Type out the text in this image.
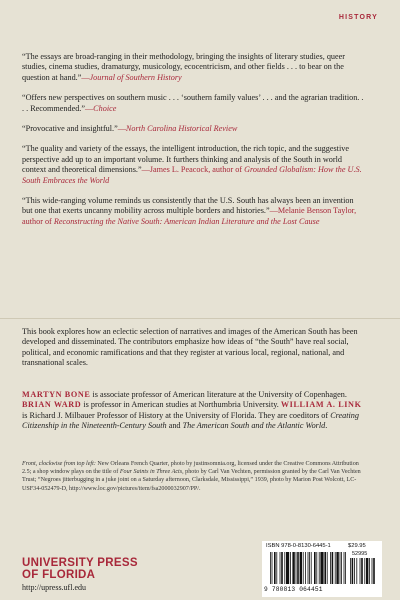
HISTORY

“The essays are broad-ranging in their methodology, bringing the insights of literary studies, queer studies, cinema studies, dramaturgy, musicology, ecocentricism, and other fields . . . to bear on the question at hand.”—Journal of Southern History

“Offers new perspectives on southern music . . . ‘southern family values’ . . . and the agrarian tradition. . . . Recommended.”—Choice

“Provocative and insightful.”—North Carolina Historical Review

“The quality and variety of the essays, the intelligent introduction, the rich topic, and the suggestive perspective add up to an important volume. It furthers thinking and analysis of the South in world context and theoretical dimensions.”—James L. Peacock, author of Grounded Globalism: How the U.S. South Embraces the World

“This wide-ranging volume reminds us consistently that the U.S. South has always been an invention but one that exerts uncanny mobility across multiple borders and histories.”—Melanie Benson Taylor, author of Reconstructing the Native South: American Indian Literature and the Lost Cause

This book explores how an eclectic selection of narratives and images of the American South has been developed and disseminated. The contributors emphasize how ideas of “the South” have real social, political, and economic ramifications and that they register at various local, regional, national, and transnational scales.

MARTYN BONE is associate professor of American literature at the University of Copenhagen. BRIAN WARD is professor in American studies at Northumbria University. WILLIAM A. LINK is Richard J. Milbauer Professor of History at the University of Florida. They are coeditors of Creating Citizenship in the Nineteenth-Century South and The American South and the Atlantic World.

Front, clockwise from top left: New Orleans French Quarter, photo by justinsomnia.org, licensed under the Creative Commons Attribution 2.5; a shop window plays on the title of Four Saints in Three Acts, photo by Carl Van Vechten, permission granted by the Carl Van Vechten Trust; “Negroes jitterbugging in a juke joint on a Saturday afternoon, Clarksdale, Mississippi,” 1939, photo by Marion Post Wolcott, LC-USF34-052479-D, http://www.loc.gov/pictures/item/fsa2000032907/PP/.

UNIVERSITY PRESS
OF FLORIDA
http://upress.ufl.edu
ISBN 978-0-8130-6445-1	$29.95
52995
9 780813 064451
